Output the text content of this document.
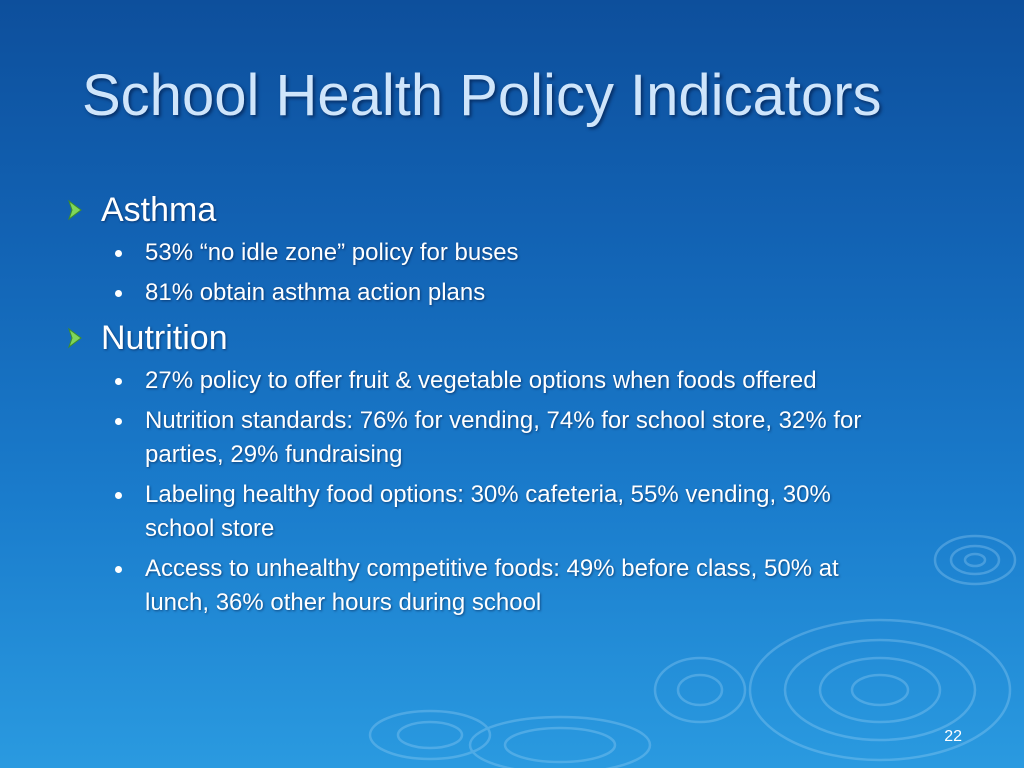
School Health Policy Indicators
Asthma
53% “no idle zone” policy for buses
81% obtain asthma action plans
Nutrition
27% policy to offer fruit & vegetable options when foods offered
Nutrition standards: 76% for vending, 74% for school store, 32% for parties, 29% fundraising
Labeling healthy food options: 30% cafeteria, 55% vending, 30% school store
Access to unhealthy competitive foods: 49% before class, 50% at lunch, 36% other hours during school
22
